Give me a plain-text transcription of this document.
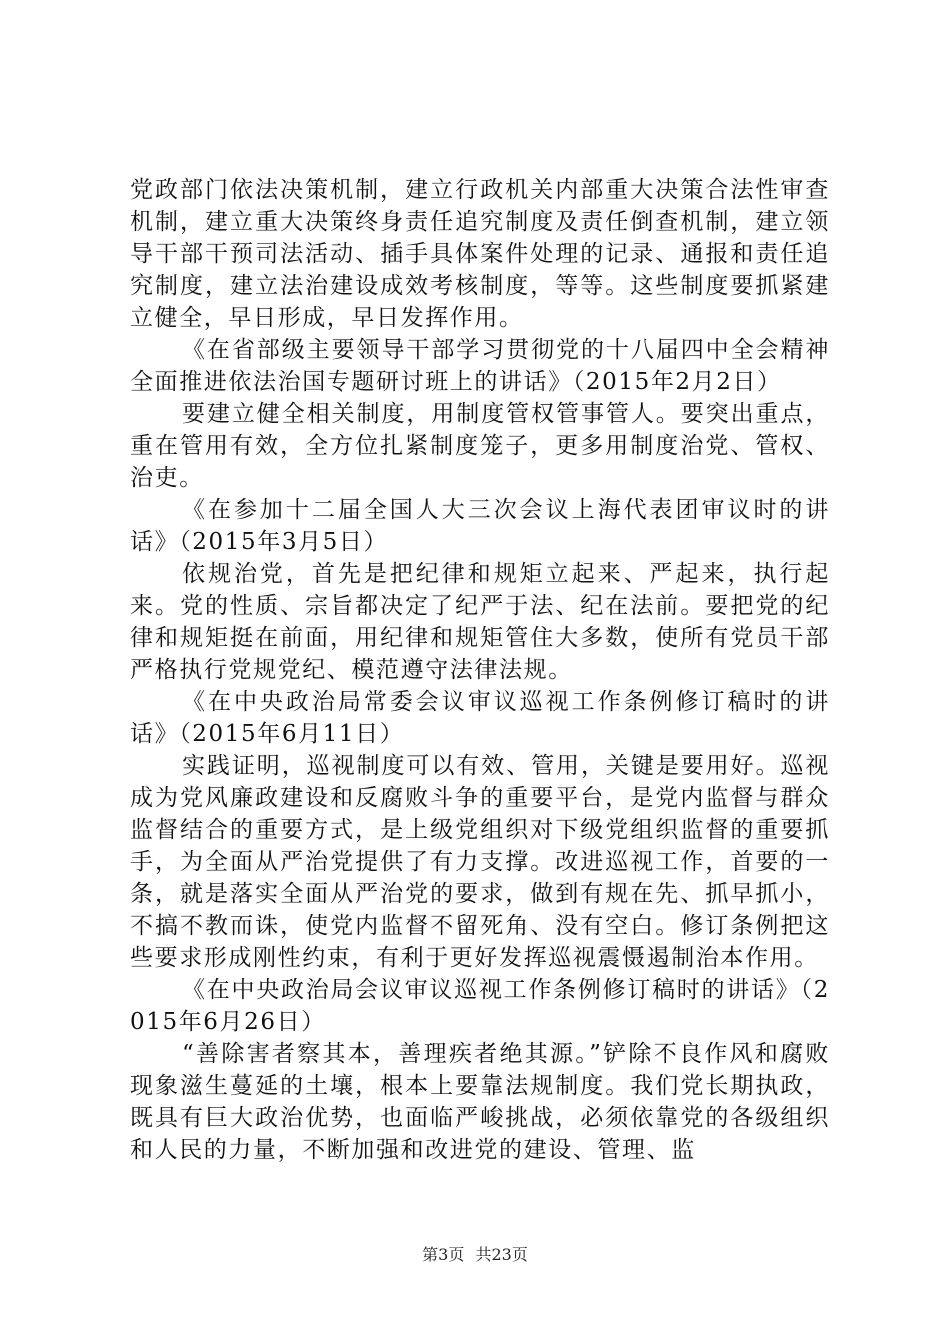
党政部门依法决策机制，建立行政机关内部重大决策合法性审查机制，建立重大决策终身责任追究制度及责任倒查机制，建立领导干部干预司法活动、插手具体案件处理的记录、通报和责任追究制度，建立法治建设成效考核制度，等等。这些制度要抓紧建立健全，早日形成，早日发挥作用。

《在省部级主要领导干部学习贯彻党的十八届四中全会精神全面推进依法治国专题研讨班上的讲话》（2015年2月2日）

要建立健全相关制度，用制度管权管事管人。要突出重点，重在管用有效，全方位扎紧制度笼子，更多用制度治党、管权、治吏。

《在参加十二届全国人大三次会议上海代表团审议时的讲话》（2015年3月5日）

依规治党，首先是把纪律和规矩立起来、严起来，执行起来。党的性质、宗旨都决定了纪严于法、纪在法前。要把党的纪律和规矩挺在前面，用纪律和规矩管住大多数，使所有党员干部严格执行党规党纪、模范遵守法律法规。

《在中央政治局常委会议审议巡视工作条例修订稿时的讲话》（2015年6月11日）

实践证明，巡视制度可以有效、管用，关键是要用好。巡视成为党风廉政建设和反腐败斗争的重要平台，是党内监督与群众监督结合的重要方式，是上级党组织对下级党组织监督的重要抓手，为全面从严治党提供了有力支撑。改进巡视工作，首要的一条，就是落实全面从严治党的要求，做到有规在先、抓早抓小，不搞不教而诛，使党内监督不留死角、没有空白。修订条例把这些要求形成刚性约束，有利于更好发挥巡视震慑遏制治本作用。

《在中央政治局会议审议巡视工作条例修订稿时的讲话》（2015年6月26日）

“善除害者察其本，善理疾者绝其源。”铲除不良作风和腐败现象滋生蔓延的土壤，根本上要靠法规制度。我们党长期执政，既具有巨大政治优势，也面临严峻挑战，必须依靠党的各级组织和人民的力量，不断加强和改进党的建设、管理、监

第3页 共23页
